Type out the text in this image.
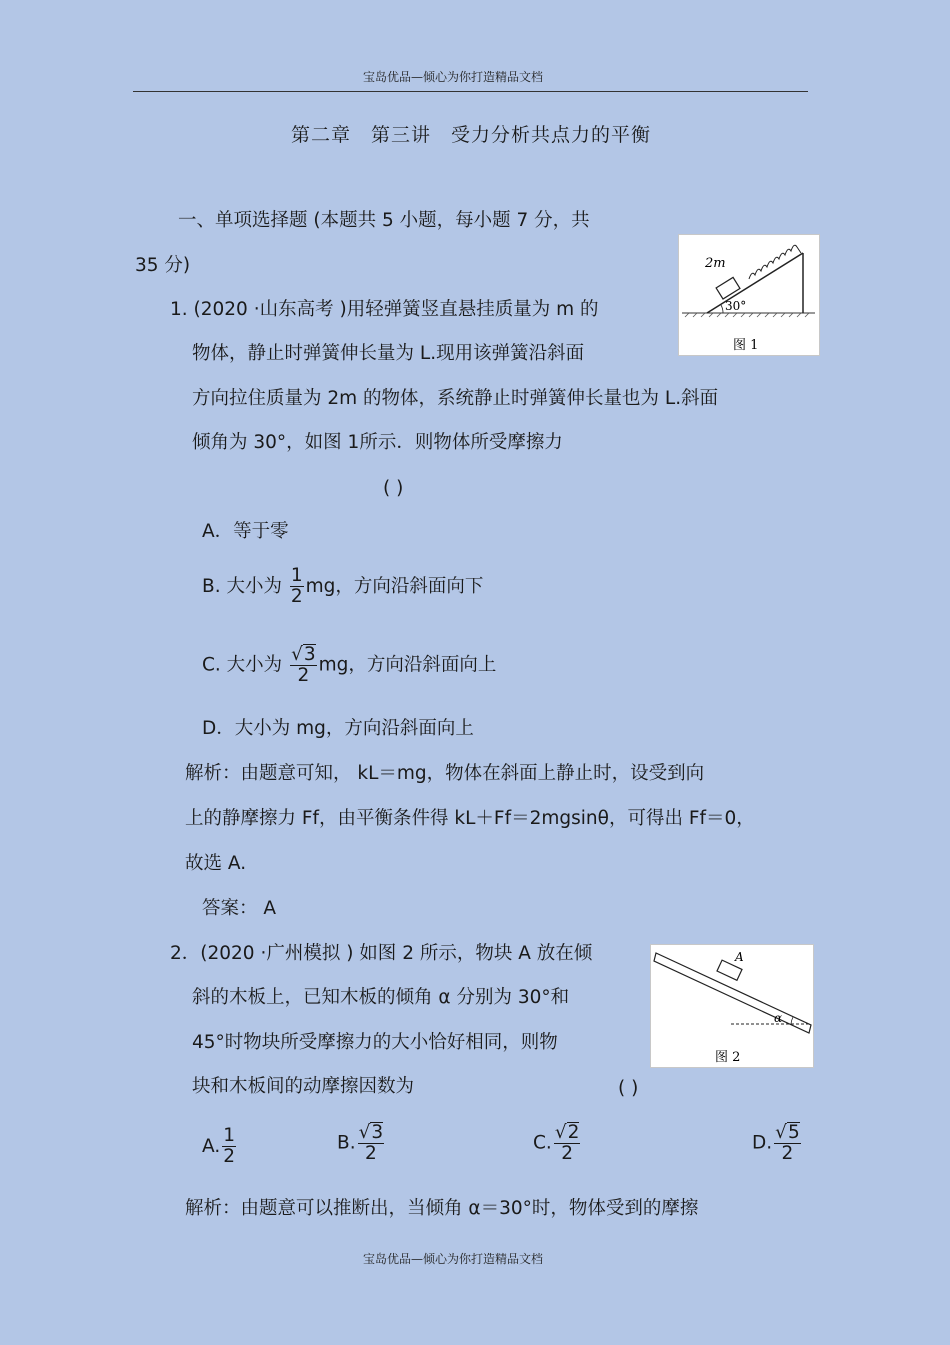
宝岛优品—倾心为你打造精品文档
第二章　第三讲　受力分析共点力的平衡
一、单项选择题 (本题共 5 小题，每小题 7 分，共
35 分)	2m
30°
图 1
1. (2020 ·山东高考 )用轻弹簧竖直悬挂质量为 m 的
物体，静止时弹簧伸长量为 L.现用该弹簧沿斜面
方向拉住质量为 2m 的物体，系统静止时弹簧伸长量也为 L.斜面
倾角为 30°，如图 1所示．则物体所受摩擦力
( )
A．等于零
B. 大小为 $\frac{1}{2}$ mg，方向沿斜面向下
C. 大小为 $\frac{√3}{2}$ mg，方向沿斜面向上
D．大小为 mg，方向沿斜面向上
解析：由题意可知， kL＝mg，物体在斜面上静止时，设受到向
上的静摩擦力 Ff，由平衡条件得 kL＋Ff＝2mgsinθ，可得出 Ff＝0，
故选 A.
答案： A
A
α
图 2
2．(2020 ·广州模拟 ) 如图 2 所示，物块 A 放在倾
斜的木板上，已知木板的倾角 α 分别为 30°和
45°时物块所受摩擦力的大小恰好相同，则物
块和木板间的动摩擦因数为	( )
A. $\frac{1}{2}$	B. $\frac{√3}{2}$	C. $\frac{√2}{2}$	D. $\frac{√5}{2}$
解析：由题意可以推断出，当倾角 α＝30°时，物体受到的摩擦
宝岛优品—倾心为你打造精品文档
